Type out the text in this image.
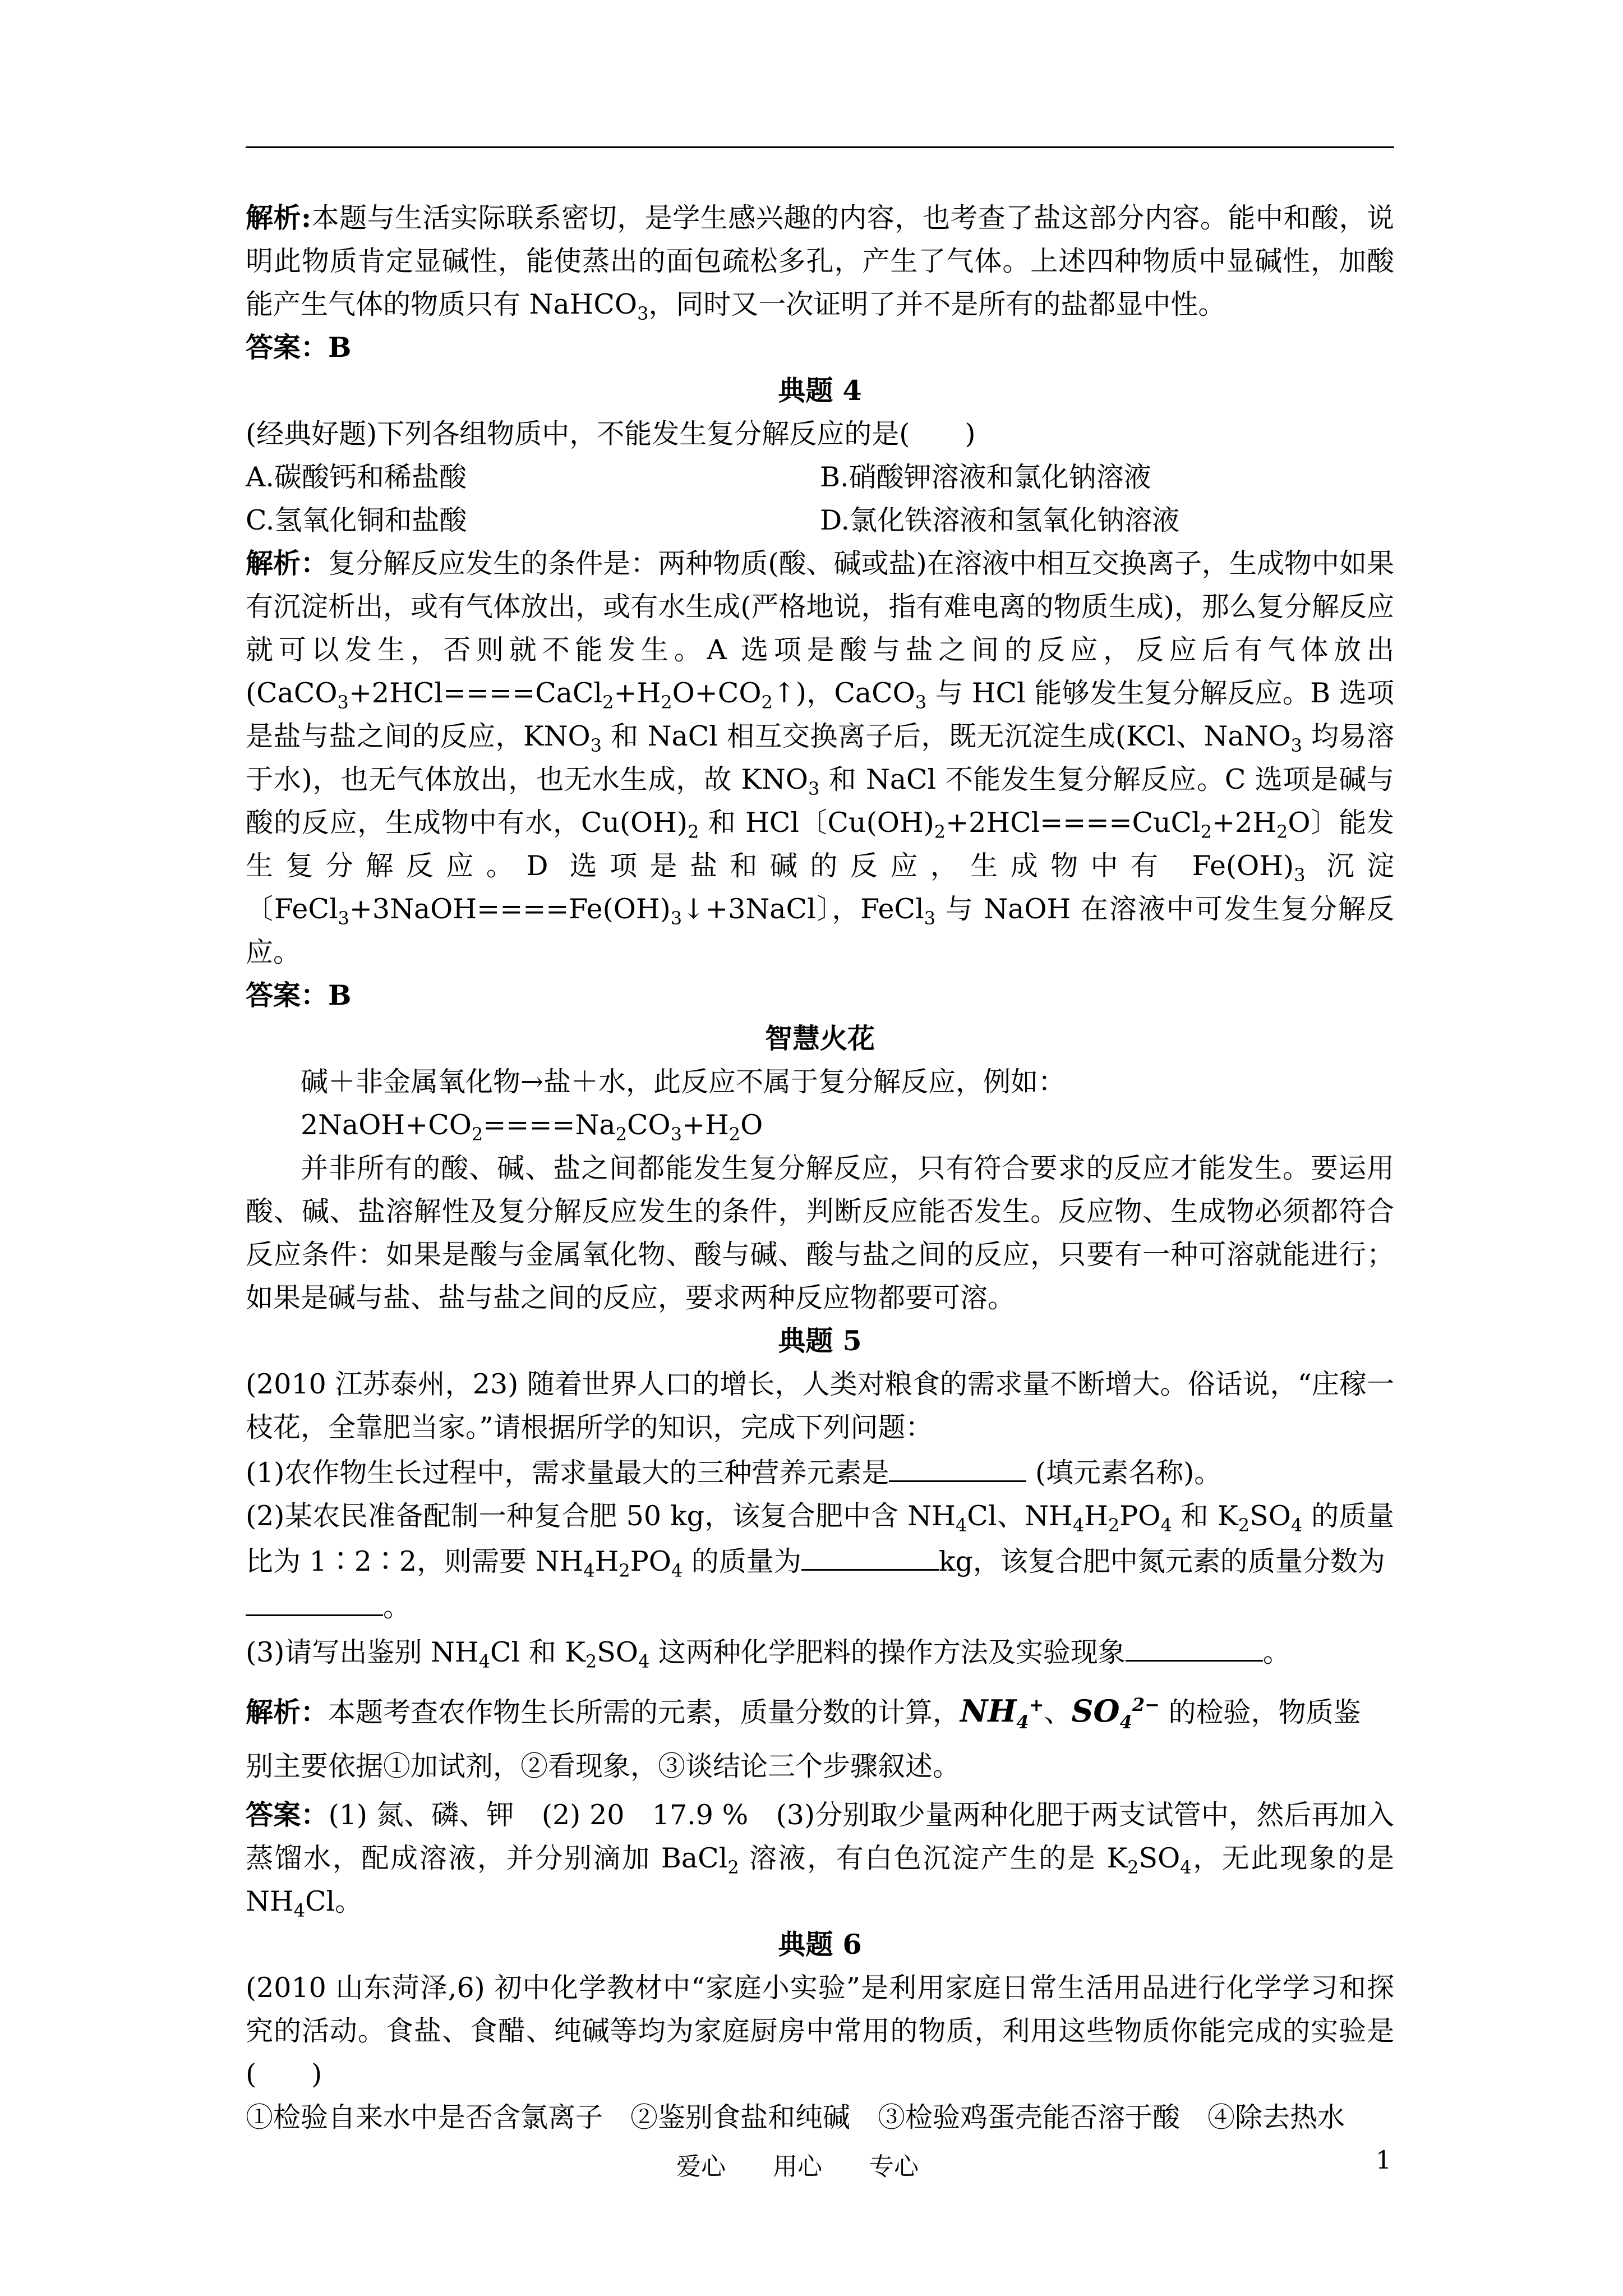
解析:本题与生活实际联系密切，是学生感兴趣的内容，也考查了盐这部分内容。能中和酸，说明此物质肯定显碱性，能使蒸出的面包疏松多孔，产生了气体。上述四种物质中显碱性，加酸能产生气体的物质只有 NaHCO$_3$，同时又一次证明了并不是所有的盐都显中性。

答案：B

典题 4

(经典好题)下列各组物质中，不能发生复分解反应的是(　　)

A.碳酸钙和稀盐酸	B.硝酸钾溶液和氯化钠溶液
C.氢氧化铜和盐酸	D.氯化铁溶液和氢氧化钠溶液

解析：复分解反应发生的条件是：两种物质(酸、碱或盐)在溶液中相互交换离子，生成物中如果有沉淀析出，或有气体放出，或有水生成(严格地说，指有难电离的物质生成)，那么复分解反应就可以发生，否则就不能发生。A 选项是酸与盐之间的反应，反应后有气体放出$(CaCO_3+2HCl====CaCl_2+H_2O+CO_2↑)$，CaCO$_3$ 与 HCl 能够发生复分解反应。B 选项是盐与盐之间的反应，$KNO_3$ 和 NaCl 相互交换离子后，既无沉淀生成(KCl、NaNO$_3$ 均易溶于水)，也无气体放出，也无水生成，故 $KNO_3$ 和 NaCl 不能发生复分解反应。C 选项是碱与酸的反应，生成物中有水，$Cu(OH)_2$ 和 HCl〔$Cu(OH)_2+2HCl====CuCl_2+2H_2O$〕能发生复分解反应。D 选项是盐和碱的反应，生成物中有 $Fe(OH)_3$ 沉淀〔$FeCl_3+3NaOH====Fe(OH)_3↓+3NaCl$〕，FeCl$_3$ 与 NaOH 在溶液中可发生复分解反应。

答案：B

智慧火花

碱＋非金属氧化物→盐＋水，此反应不属于复分解反应，例如：

$2NaOH+CO_2====Na_2CO_3+H_2O$

并非所有的酸、碱、盐之间都能发生复分解反应，只有符合要求的反应才能发生。要运用酸、碱、盐溶解性及复分解反应发生的条件，判断反应能否发生。反应物、生成物必须都符合反应条件：如果是酸与金属氧化物、酸与碱、酸与盐之间的反应，只要有一种可溶就能进行；如果是碱与盐、盐与盐之间的反应，要求两种反应物都要可溶。

典题 5

(2010 江苏泰州，23) 随着世界人口的增长，人类对粮食的需求量不断增大。俗话说，“庄稼一枝花，全靠肥当家。”请根据所学的知识，完成下列问题：

(1)农作物生长过程中，需求量最大的三种营养元素是	(填元素名称)。

(2)某农民准备配制一种复合肥 50 kg，该复合肥中含 $NH_4Cl$、$NH_4H_2PO_4$ 和 $K_2SO_4$ 的质量比为 1∶2∶2，则需要 $NH_4H_2PO_4$ 的质量为	kg，该复合肥中氮元素的质量分数为
。

(3)请写出鉴别 $NH_4Cl$ 和 $K_2SO_4$ 这两种化学肥料的操作方法及实验现象	。

解析：本题考查农作物生长所需的元素，质量分数的计算，$NH_4^+$、$SO_4^{2-}$ 的检验，物质鉴

别主要依据①加试剂，②看现象，③谈结论三个步骤叙述。

答案：(1) 氮、磷、钾　(2) 20　17.9 %　(3)分别取少量两种化肥于两支试管中，然后再加入蒸馏水，配成溶液，并分别滴加 BaCl$_2$ 溶液，有白色沉淀产生的是 $K_2SO_4$，无此现象的是 $NH_4Cl$。

典题 6

(2010 山东菏泽,6) 初中化学教材中“家庭小实验”是利用家庭日常生活用品进行化学学习和探究的活动。食盐、食醋、纯碱等均为家庭厨房中常用的物质，利用这些物质你能完成的实验是(　　)

①检验自来水中是否含氯离子　②鉴别食盐和纯碱　③检验鸡蛋壳能否溶于酸　④除去热水

爱心 用心 专心	1
